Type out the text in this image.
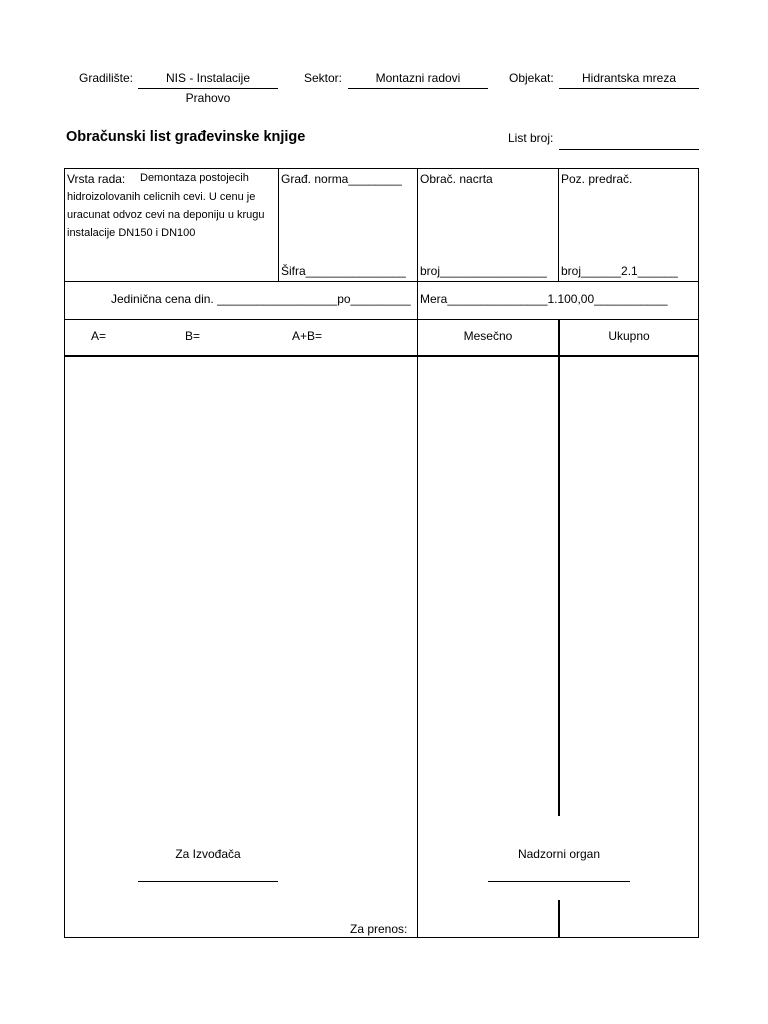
Gradilište:	NIS - Instalacije
Prahovo
Sektor:	Montazni radovi	Objekat:	Hidrantska mreza
Obračunski list građevinske knjige	List broj:
Vrsta rada: Demontaza postojecih
hidroizolovanih celicnih cevi. U cenu je uracunat odvoz cevi na deponiju u krugu instalacije DN150 i DN100
Građ. norma________
Šifra_______________
Obrač. nacrta
broj________________
Poz. predrač.
broj______2.1______
Jedinična cena din. __________________po_________ Mera_______________1.100,00___________
A=	B=	A+B=	Mesečno	Ukupno
Za Izvođača	Nadzorni organ
Za prenos:
